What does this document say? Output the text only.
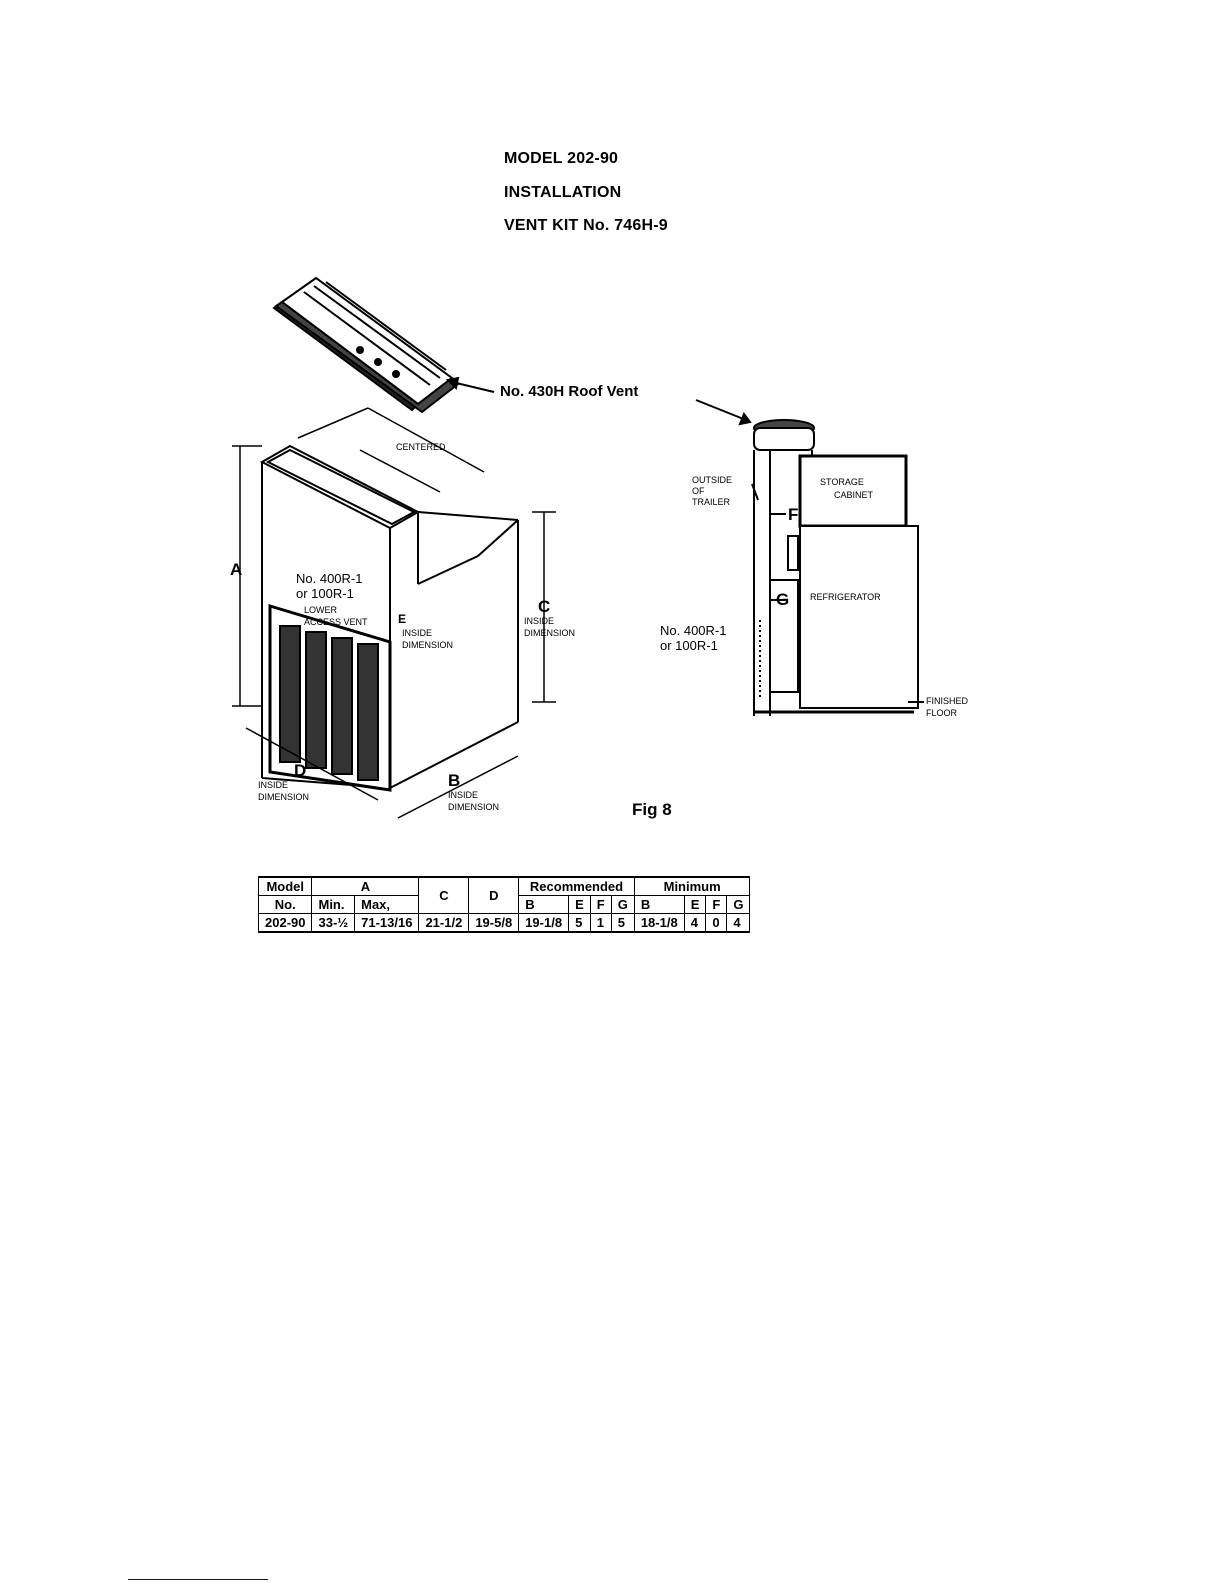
MODEL 202-90
INSTALLATION
VENT KIT No. 746H-9
No. 430H Roof Vent
CENTERED
A
C
INSIDE
DIMENSION
No. 400R-1
or 100R-1
LOWER
ACCESS VENT	E
INSIDE
DIMENSION
D
INSIDE
DIMENSION
B
INSIDE
DIMENSION
OUTSIDE
OF
TRAILER
F
STORAGE
CABINET
G REFRIGERATOR
No. 400R-1
or 100R-1
FINISHED
FLOOR
Fig 8
Model	A		C	D	Recommended				Minimum			
No.	Min.	Max,			B	E	F	G	B	E	F	G
202-90	33-½	71-13/16	21-1/2	19-5/8	19-1/8	5	1	5	18-1/8	4	0	4
